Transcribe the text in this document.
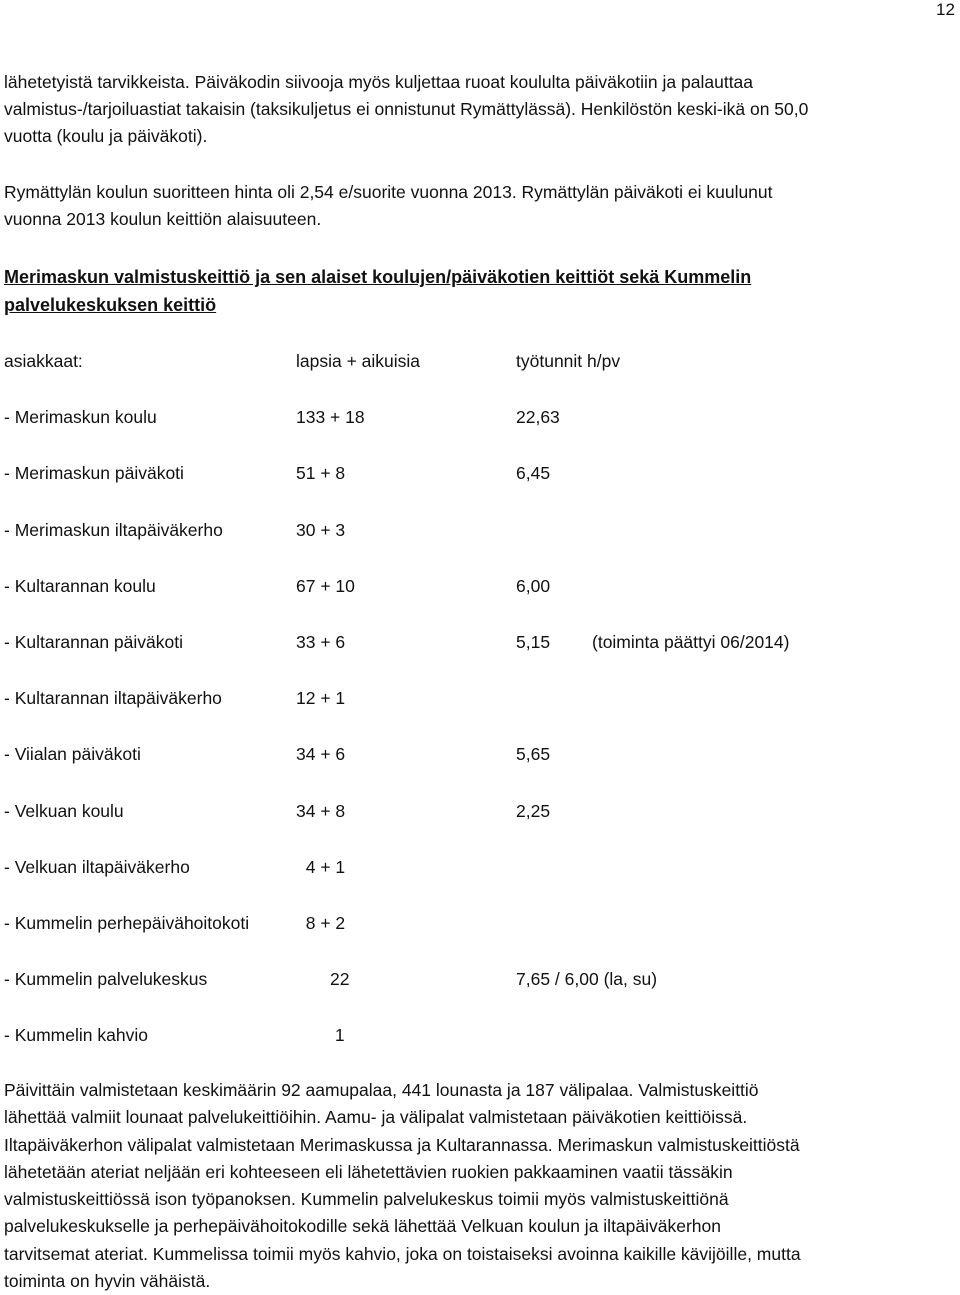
12
lähetetyistä tarvikkeista. Päiväkodin siivooja myös kuljettaa ruoat koululta päiväkotiin ja palauttaa
valmistus-/tarjoiluastiat takaisin (taksikuljetus ei onnistunut Rymättylässä). Henkilöstön keski-ikä on 50,0
vuotta (koulu ja päiväkoti).
Rymättylän koulun suoritteen hinta oli 2,54 e/suorite vuonna 2013. Rymättylän päiväkoti ei kuulunut
vuonna 2013 koulun keittiön alaisuuteen.
Merimaskun valmistuskeittiö ja sen alaiset koulujen/päiväkotien keittiöt sekä Kummelin
palvelukeskuksen keittiö
asiakkaat:	lapsia + aikuisia	työtunnit h/pv
- Merimaskun koulu	133 + 18	22,63
- Merimaskun päiväkoti	51 + 8	6,45
- Merimaskun iltapäiväkerho	30 + 3
- Kultarannan koulu	67 + 10	6,00
- Kultarannan päiväkoti	33 + 6	5,15 (toiminta päättyi 06/2014)
- Kultarannan iltapäiväkerho	12 + 1
- Viialan päiväkoti	34 + 6	5,65
- Velkuan koulu	34 + 8	2,25
- Velkuan iltapäiväkerho	4 + 1
- Kummelin perhepäivähoitokoti	8 + 2
- Kummelin palvelukeskus	22	7,65 / 6,00 (la, su)
- Kummelin kahvio	1
Päivittäin valmistetaan keskimäärin 92 aamupalaa, 441 lounasta ja 187 välipalaa. Valmistuskeittiö
lähettää valmiit lounaat palvelukeittiöihin. Aamu- ja välipalat valmistetaan päiväkotien keittiöissä.
Iltapäiväkerhon välipalat valmistetaan Merimaskussa ja Kultarannassa. Merimaskun valmistuskeittiöstä
lähetetään ateriat neljään eri kohteeseen eli lähetettävien ruokien pakkaaminen vaatii tässäkin
valmistuskeittiössä ison työpanoksen. Kummelin palvelukeskus toimii myös valmistuskeittiönä
palvelukeskukselle ja perhepäivähoitokodille sekä lähettää Velkuan koulun ja iltapäiväkerhon
tarvitsemat ateriat. Kummelissa toimii myös kahvio, joka on toistaiseksi avoinna kaikille kävijöille, mutta
toiminta on hyvin vähäistä.
